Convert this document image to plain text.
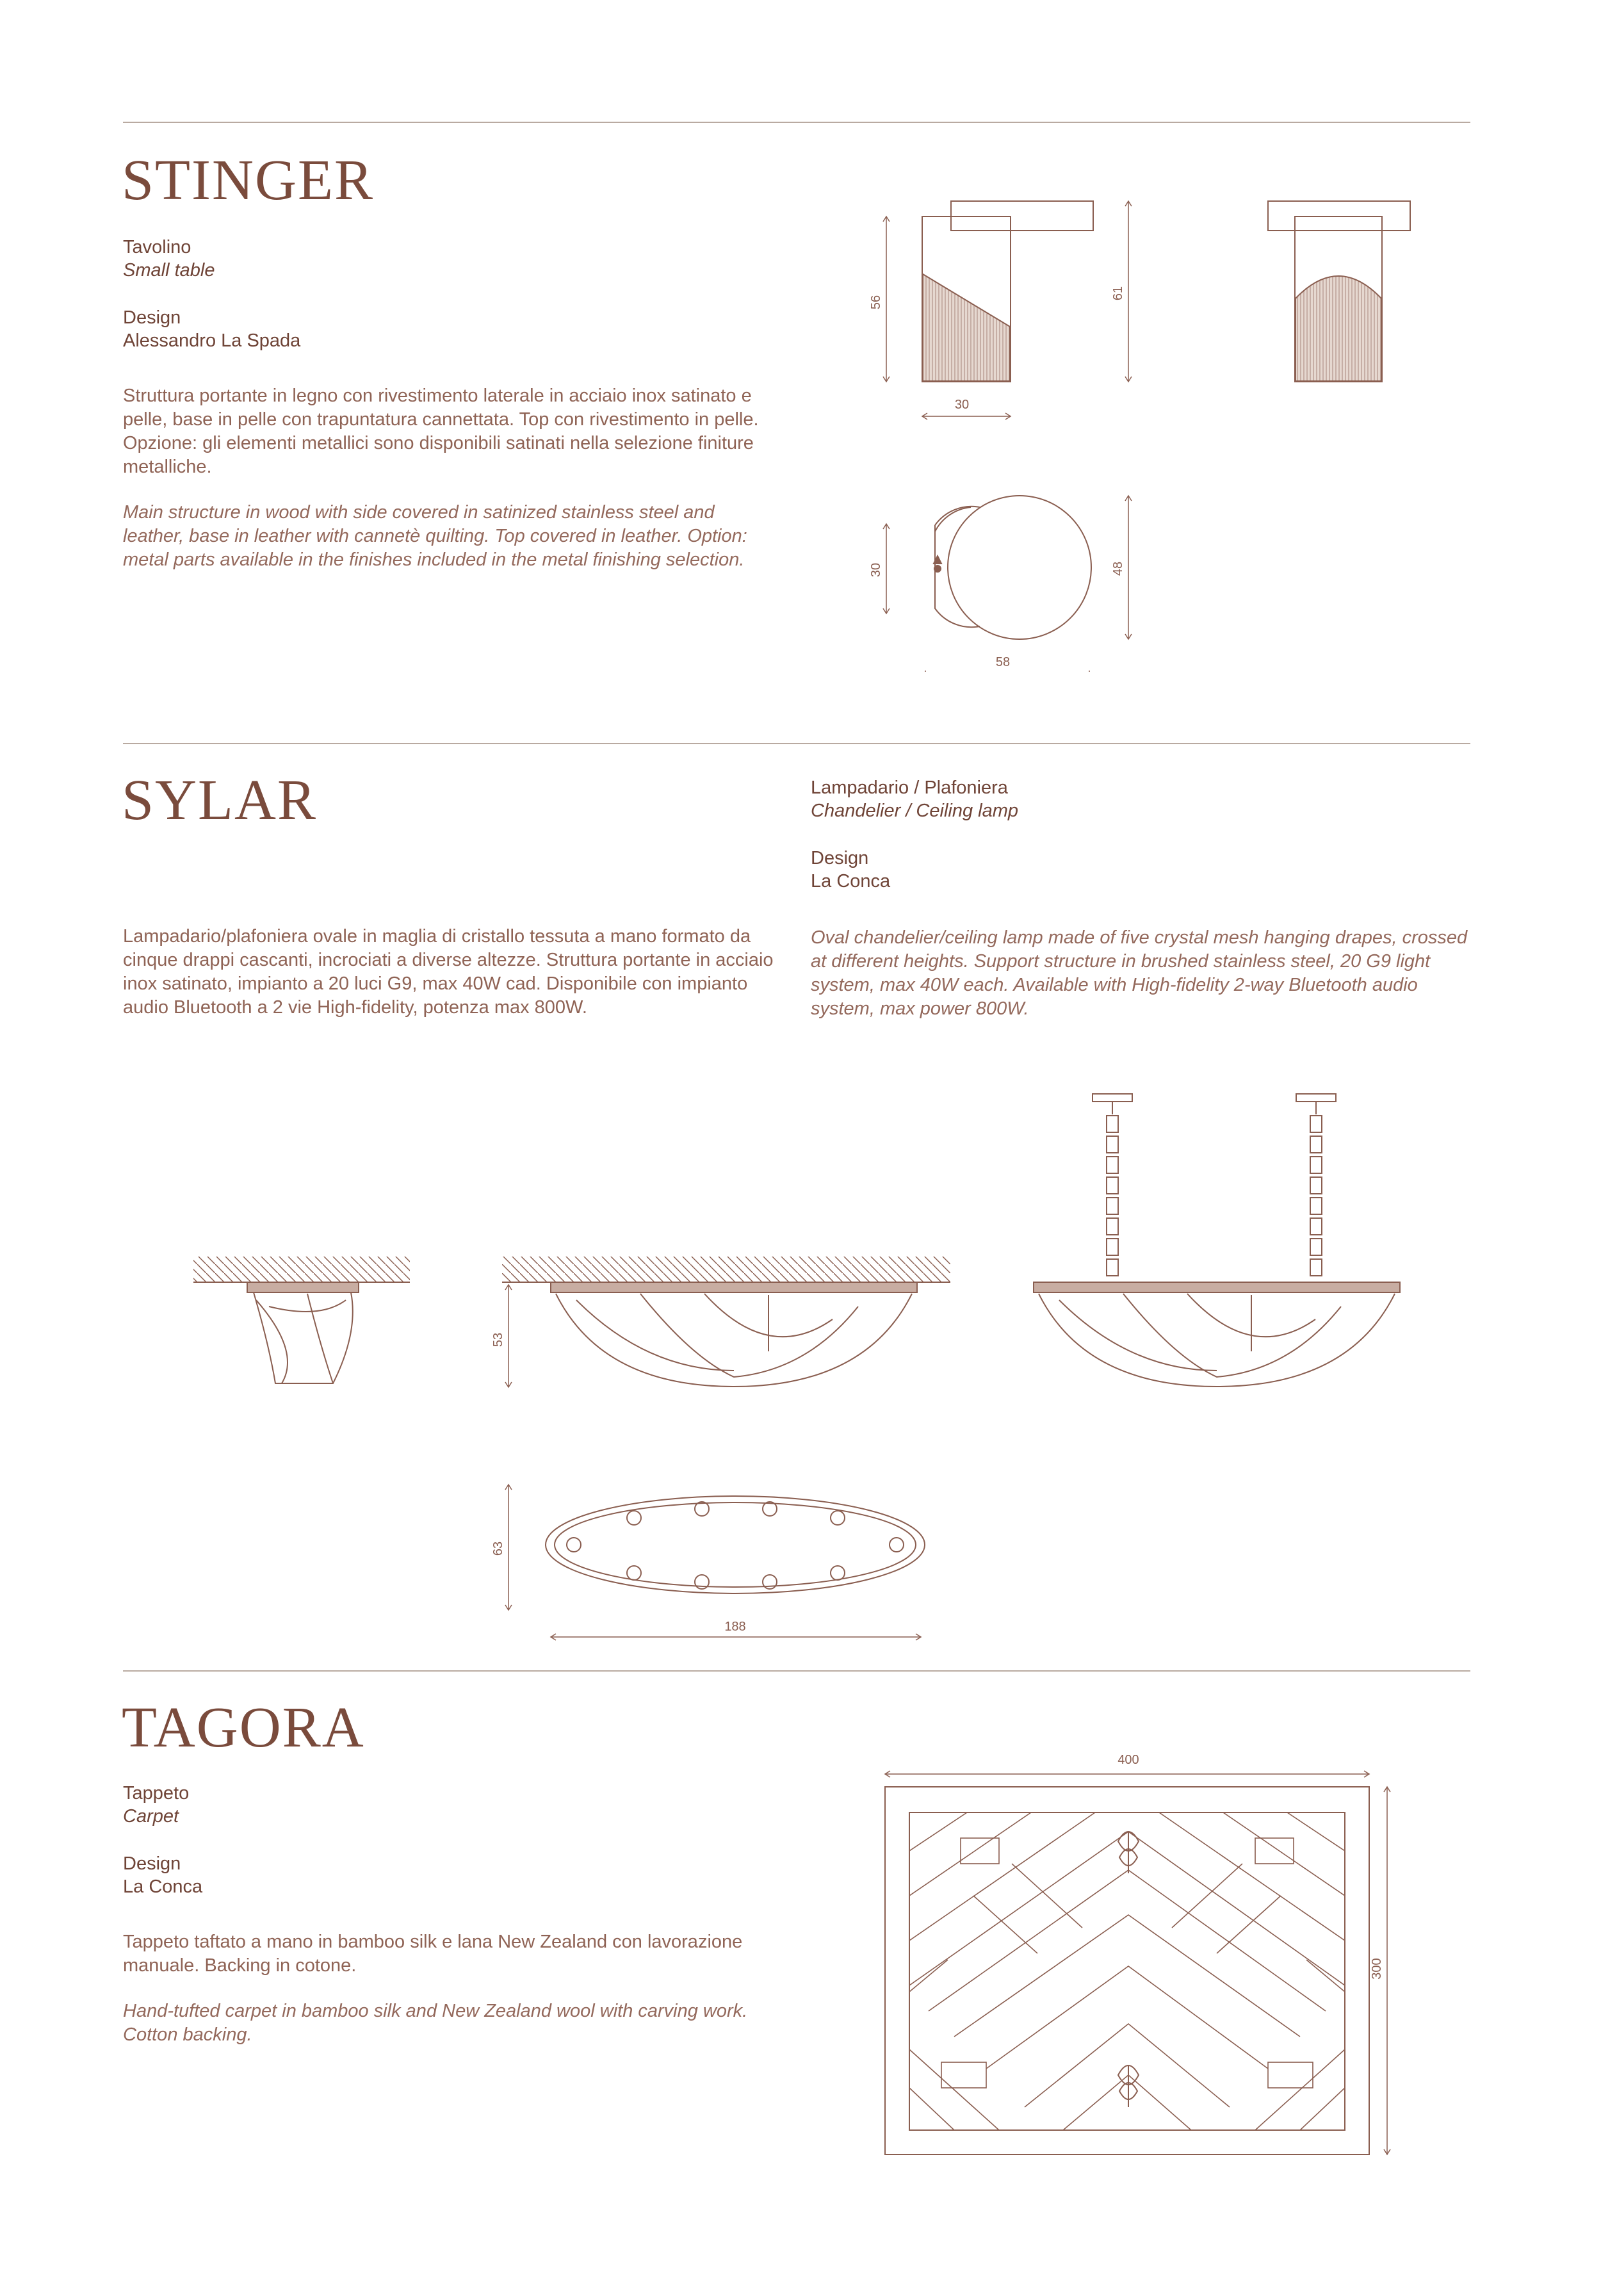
STINGER
Tavolino
Small table
Design
Alessandro La Spada

Struttura portante in legno con rivestimento laterale in acciaio inox satinato e pelle, base in pelle con trapuntatura cannettata. Top con rivestimento in pelle. Opzione: gli elementi metallici sono disponibili satinati nella selezione finiture metalliche.

Main structure in wood with side covered in satinized stainless steel and leather, base in leather with cannetè quilting. Top covered in leather. Option: metal parts available in the finishes included in the metal finishing selection.

56
30
61
30	48
58
53
63
188
400
300
SYLAR	Lampadario / Plafoniera
Chandelier / Ceiling lamp
Design
La Conca

Lampadario/plafoniera ovale in maglia di cristallo tessuta a mano formato da cinque drappi cascanti, incrociati a diverse altezze. Struttura portante in acciaio inox satinato, impianto a 20 luci G9, max 40W cad. Disponibile con impianto audio Bluetooth a 2 vie High-fidelity, potenza max 800W.

Oval chandelier/ceiling lamp made of five crystal mesh hanging drapes, crossed at different heights. Support structure in brushed stainless steel, 20 G9 light system, max 40W each. Available with High-fidelity 2-way Bluetooth audio system, max power 800W.

TAGORA
Tappeto
Carpet
Design
La Conca

Tappeto taftato a mano in bamboo silk e lana New Zealand con lavorazione manuale. Backing in cotone.

Hand-tufted carpet in bamboo silk and New Zealand wool with carving work. Cotton backing.
